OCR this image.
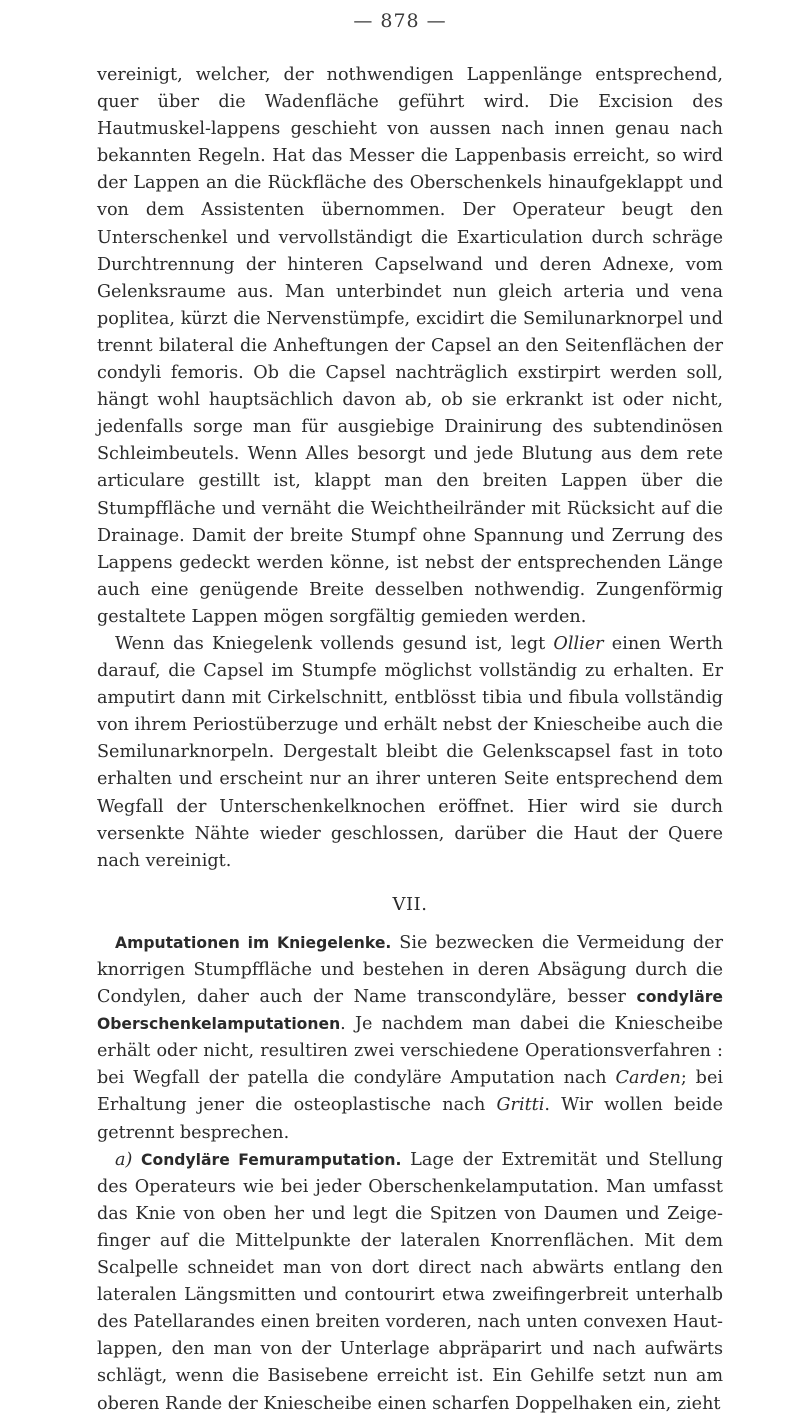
— 878 —

vereinigt, welcher, der nothwendigen Lappenlänge entsprechend, quer über die Wadenfläche geführt wird. Die Excision des Hautmuskel-lappens geschieht von aussen nach innen genau nach bekannten Regeln. Hat das Messer die Lappenbasis erreicht, so wird der Lappen an die Rückfläche des Oberschenkels hinaufgeklappt und von dem Assistenten übernommen. Der Operateur beugt den Unterschenkel und vervollständigt die Exarticulation durch schräge Durchtrennung der hinteren Capselwand und deren Adnexe, vom Gelenksraume aus. Man unterbindet nun gleich arteria und vena poplitea, kürzt die Nervenstümpfe, excidirt die Semilunarknorpel und trennt bilateral die Anheftungen der Capsel an den Seitenflächen der condyli femoris. Ob die Capsel nachträglich exstirpirt werden soll, hängt wohl hauptsächlich davon ab, ob sie erkrankt ist oder nicht, jedenfalls sorge man für ausgiebige Drainirung des subtendinösen Schleimbeutels. Wenn Alles besorgt und jede Blutung aus dem rete articulare gestillt ist, klappt man den breiten Lappen über die Stumpffläche und vernäht die Weichtheilränder mit Rücksicht auf die Drainage. Damit der breite Stumpf ohne Spannung und Zerrung des Lappens gedeckt werden könne, ist nebst der entsprechenden Länge auch eine genügende Breite desselben nothwendig. Zungenförmig gestaltete Lappen mögen sorgfältig gemieden werden.

Wenn das Kniegelenk vollends gesund ist, legt Ollier einen Werth darauf, die Capsel im Stumpfe möglichst vollständig zu erhalten. Er amputirt dann mit Cirkelschnitt, entblösst tibia und fibula vollständig von ihrem Periostüberzuge und erhält nebst der Kniescheibe auch die Semilunarknorpeln. Dergestalt bleibt die Gelenkscapsel fast in toto erhalten und erscheint nur an ihrer unteren Seite entsprechend dem Wegfall der Unterschenkelknochen eröffnet. Hier wird sie durch versenkte Nähte wieder geschlossen, darüber die Haut der Quere nach vereinigt.

VII.

Amputationen im Kniegelenke. Sie bezwecken die Vermeidung der knorrigen Stumpffläche und bestehen in deren Absägung durch die Condylen, daher auch der Name transcondyläre, besser condyläre Oberschenkelamputationen. Je nachdem man dabei die Kniescheibe erhält oder nicht, resultiren zwei verschiedene Operationsverfahren : bei Wegfall der patella die condyläre Amputation nach Carden; bei Erhaltung jener die osteoplastische nach Gritti. Wir wollen beide getrennt besprechen.

a) Condyläre Femuramputation. Lage der Extremität und Stellung des Operateurs wie bei jeder Oberschenkelamputation. Man umfasst das Knie von oben her und legt die Spitzen von Daumen und Zeige-finger auf die Mittelpunkte der lateralen Knorrenflächen. Mit dem Scalpelle schneidet man von dort direct nach abwärts entlang den lateralen Längsmitten und contourirt etwa zweifingerbreit unterhalb des Patellarandes einen breiten vorderen, nach unten convexen Haut-lappen, den man von der Unterlage abpräparirt und nach aufwärts schlägt, wenn die Basisebene erreicht ist. Ein Gehilfe setzt nun am oberen Rande der Kniescheibe einen scharfen Doppelhaken ein, zieht
